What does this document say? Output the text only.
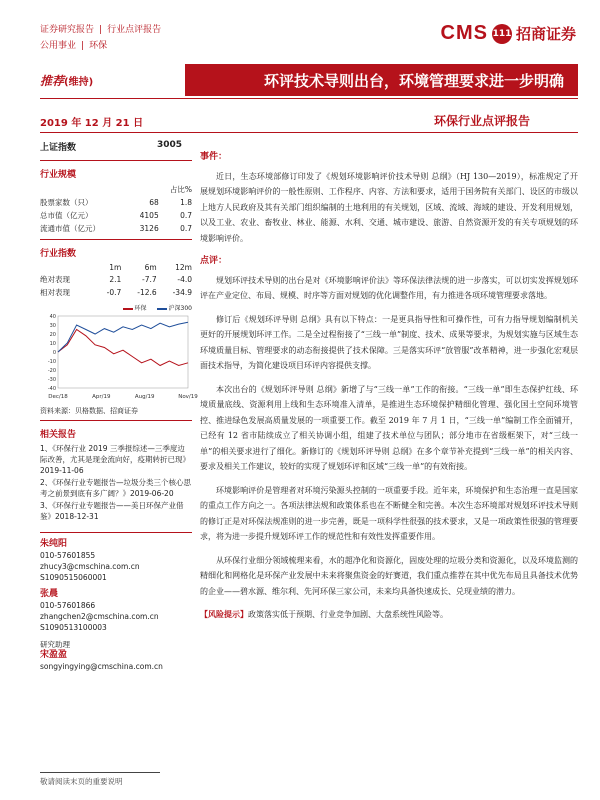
证券研究报告 | 行业点评报告
公用事业 | 环保
CMS 111 招商证券
推荐(维持)	环评技术导则出台，环境管理要求进一步明确
2019 年 12 月 21 日	环保行业点评报告
上证指数	3005
行业规模
		占比%
股票家数（只）	68	1.8
总市值（亿元）	4105	0.7
流通市值（亿元）	3126	0.7
行业指数
	1m	6m	12m
绝对表现	2.1	-7.7	-4.0
相对表现	-0.7	-12.6	-34.9
环保	沪深300
40
30
20
10
0
-10
-20
-30
-40
Dec/18	Apr/19	Aug/19	Nov/19
资料来源：贝格数据、招商证券
相关报告

1、《环保行业 2019 三季报综述—三季度边际改善，尤其是现金流向好，疫期转折已现》2019-11-06

2、《环保行业专题报告—垃圾分类三个核心思考之前景到底有多广阔？》2019-06-20

3、《环保行业专题报告——美日环保产业借鉴》2018-12-31

朱纯阳
010-57601855
zhucy3@cmschina.com.cn
S1090515060001
张晨
010-57601866
zhangchen2@cmschina.com.cn
S1090513100003
研究助理
宋盈盈
songyingying@cmschina.com.cn
事件：

近日，生态环境部修订印发了《规划环境影响评价技术导则 总纲》（HJ 130—2019），标准规定了开展规划环境影响评价的一般性原则、工作程序、内容、方法和要求，适用于国务院有关部门、设区的市级以上地方人民政府及其有关部门组织编制的土地利用的有关规划，区域、流域、海域的建设、开发利用规划，以及工业、农业、畜牧业、林业、能源、水利、交通、城市建设、旅游、自然资源开发的有关专项规划的环境影响评价。

点评：

规划环评技术导则的出台是对《环境影响评价法》等环保法律法规的进一步落实，可以切实发挥规划环评在产业定位、布局、规模、时序等方面对规划的优化调整作用，有力推进各项环境管理要求落地。

修订后《规划环评导则 总纲》具有以下特点：一是更具指导性和可操作性，可有力指导规划编制机关更好的开展规划环评工作。二是全过程衔接了“三线一单”制度、技术、成果等要求，为规划实施与区域生态环境质量目标、管理要求的动态衔接提供了技术保障。三是落实环评“放管服”改革精神，进一步强化宏观层面技术指导，为简化建设项目环评内容提供支撑。

本次出台的《规划环评导则 总纲》新增了与“三线一单”工作的衔接。“三线一单”即生态保护红线、环境质量底线、资源利用上线和生态环境准入清单，是推进生态环境保护精细化管理、强化国土空间环境管控、推进绿色发展高质量发展的一项重要工作。截至 2019 年 7 月 1 日，“三线一单”编制工作全面铺开，已经有 12 省市陆续成立了相关协调小组，组建了技术单位与团队；部分地市在省级框架下，对“三线一单”的相关要求进行了细化。新修订的《规划环评导则 总纲》在多个章节补充提到“三线一单”的相关内容、要求及相关工作建议，较好的实现了规划环评和区域“三线一单”的有效衔接。

环境影响评价是管理者对环境污染源头控制的一项重要手段。近年来，环境保护和生态治理一直是国家的重点工作方向之一。各项法律法规和政策体系也在不断健全和完善。本次生态环境部对规划环评技术导则的修订正是对环保法规准则的进一步完善，既是一项科学性很强的技术要求，又是一项政策性很强的管理要求，将为进一步提升规划环评工作的规范性和有效性发挥重要作用。

从环保行业细分领域梳理来看，水的超净化和资源化，固废处理的垃圾分类和资源化，以及环境监测的精细化和网格化是环保产业发展中未来将聚焦资金的好赛道，我们重点推荐在其中优先布局且具备技术优势的企业——碧水源、维尔利、先河环保三家公司，未来均具备快速成长、兑现业绩的潜力。

【风险提示】政策落实低于预期、行业竞争加剧、大盘系统性风险等。

敬请阅读末页的重要说明
